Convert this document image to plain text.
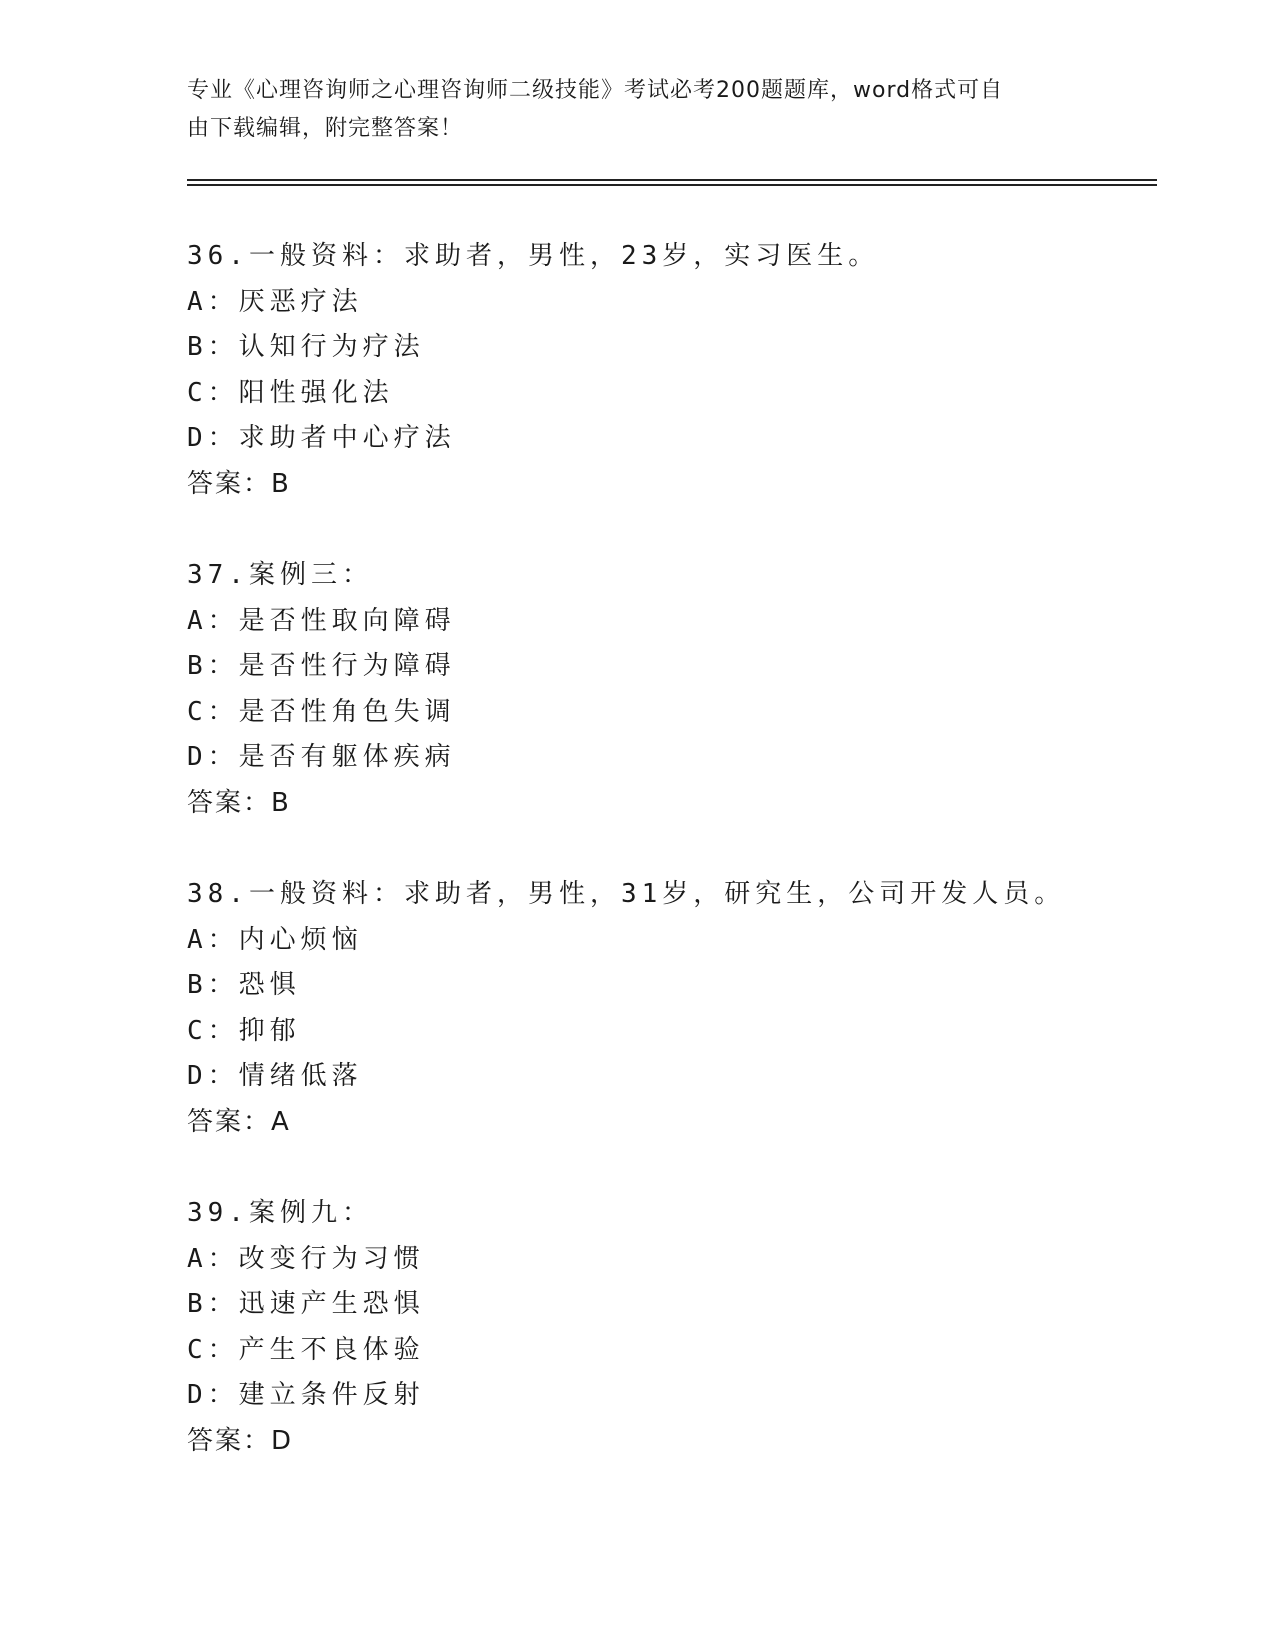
专业《心理咨询师之心理咨询师二级技能》考试必考200题题库，word格式可自
由下载编辑，附完整答案！
36.一般资料：求助者，男性，23岁，实习医生。
A：厌恶疗法
B：认知行为疗法
C：阳性强化法
D：求助者中心疗法
答案：B
37.案例三：
A：是否性取向障碍
B：是否性行为障碍
C：是否性角色失调
D：是否有躯体疾病
答案：B
38.一般资料：求助者，男性，31岁，研究生，公司开发人员。
A：内心烦恼
B：恐惧
C：抑郁
D：情绪低落
答案：A
39.案例九：
A：改变行为习惯
B：迅速产生恐惧
C：产生不良体验
D：建立条件反射
答案：D
